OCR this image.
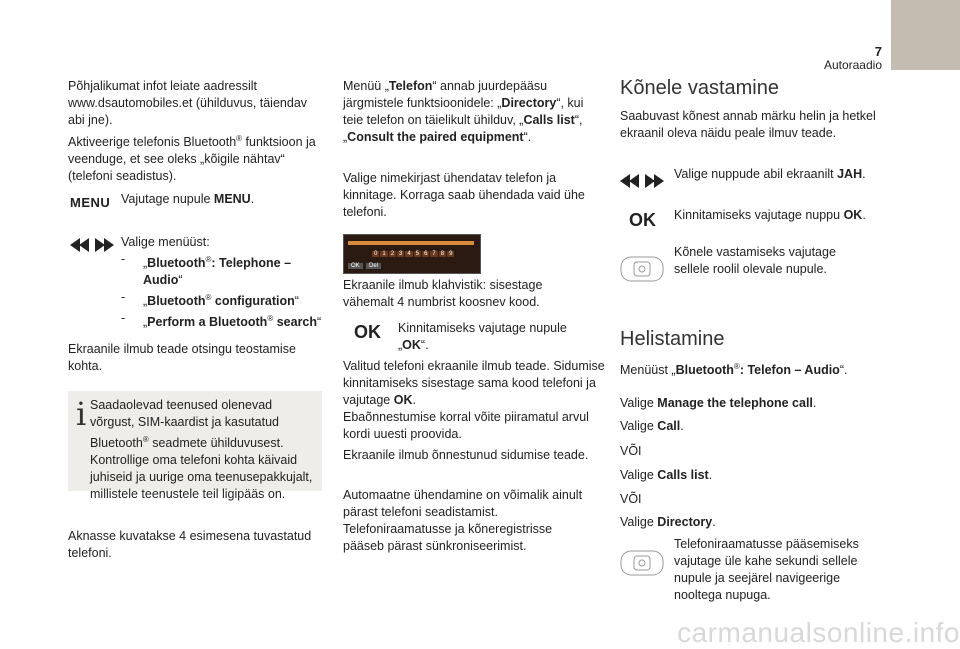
7
Autoraadio

Põhjalikumat infot leiate aadressilt www.dsautomobiles.et (ühilduvus, täiendav abi jne).

Aktiveerige telefonis Bluetooth® funktsioon ja veenduge, et see oleks „kõigile nähtav“ (telefoni seadistus).

MENU Vajutage nupule MENU.

Valige menüüst:

-	„Bluetooth®: Telephone – Audio“
-	„Bluetooth® configuration“
-	„Perform a Bluetooth® search“

Ekraanile ilmub teade otsingu teostamise kohta.

i Saadaolevad teenused olenevad võrgust, SIM-kaardist ja kasutatud Bluetooth® seadmete ühilduvusest.
Kontrollige oma telefoni kohta käivaid juhiseid ja uurige oma teenusepakkujalt, millistele teenustele teil ligipääs on.

Aknasse kuvatakse 4 esimesena tuvastatud telefoni.

Menüü „Telefon“ annab juurdepääsu järgmistele funktsioonidele: „Directory“, kui teie telefon on täielikult ühilduv, „Calls list“, „Consult the paired equipment“.

Valige nimekirjast ühendatav telefon ja kinnitage. Korraga saab ühendada vaid ühe telefoni.

0 1 2 3 4 5 6 7 8 9
OK	Del

Ekraanile ilmub klahvistik: sisestage vähemalt 4 numbrist koosnev kood.

OK Kinnitamiseks vajutage nupule „OK“.

Valitud telefoni ekraanile ilmub teade. Sidumise kinnitamiseks sisestage sama kood telefoni ja vajutage OK.
Ebaõnnestumise korral võite piiramatul arvul kordi uuesti proovida.

Ekraanile ilmub õnnestunud sidumise teade.

Automaatne ühendamine on võimalik ainult pärast telefoni seadistamist.
Telefoniraamatusse ja kõneregistrisse pääseb pärast sünkroniseerimist.

Kõnele vastamine

Saabuvast kõnest annab märku helin ja hetkel ekraanil oleva näidu peale ilmuv teade.

Valige nuppude abil ekraanilt JAH.

OK Kinnitamiseks vajutage nuppu OK.

Kõnele vastamiseks vajutage sellele roolil olevale nupule.

Helistamine

Menüüst „Bluetooth®: Telefon – Audio“.

Valige Manage the telephone call.

Valige Call.

VÕI

Valige Calls list.

VÕI

Valige Directory.

Telefoniraamatusse pääsemiseks vajutage üle kahe sekundi sellele nupule ja seejärel navigeerige nooltega nupuga.

carmanualsonline.info
